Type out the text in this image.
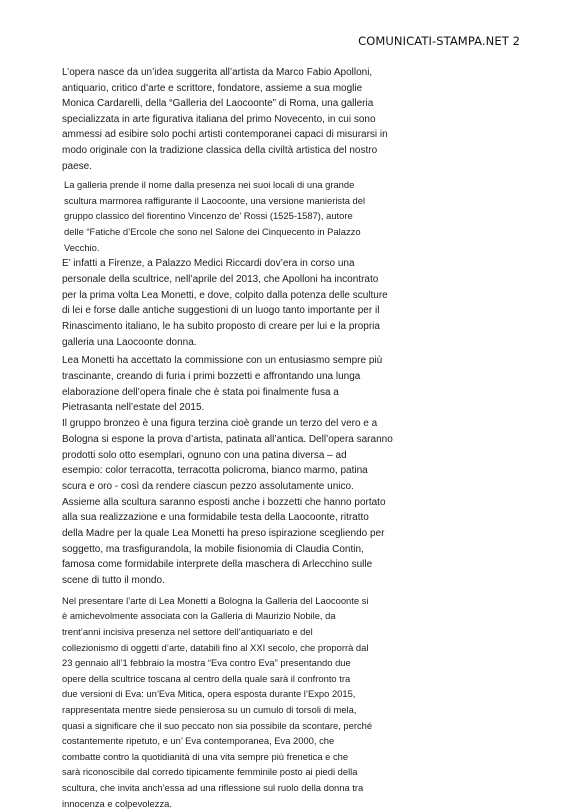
COMUNICATI-STAMPA.NET 2

L’opera nasce da un’idea suggerita all’artista da Marco Fabio Apolloni,
antiquario, critico d’arte e scrittore, fondatore, assieme a sua moglie
Monica Cardarelli, della “Galleria del Laocoonte” di Roma, una galleria
specializzata in arte figurativa italiana del primo Novecento, in cui sono
ammessi ad esibire solo pochi artisti contemporanei capaci di misurarsi in
modo originale con la tradizione classica della civiltà artistica del nostro
paese.

La galleria prende il nome dalla presenza nei suoi locali di una grande
scultura marmorea raffigurante il Laocoonte, una versione manierista del
gruppo classico del fiorentino Vincenzo de’ Rossi (1525-1587), autore
delle “Fatiche d’Ercole che sono nel Salone dei Cinquecento in Palazzo
Vecchio.

E’ infatti a Firenze, a Palazzo Medici Riccardi dov’era in corso una
personale della scultrice, nell’aprile del 2013, che Apolloni ha incontrato
per la prima volta Lea Monetti, e dove, colpito dalla potenza delle sculture
di lei e forse dalle antiche suggestioni di un luogo tanto importante per il
Rinascimento italiano, le ha subito proposto di creare per lui e la propria
galleria una Laocoonte donna.

Lea Monetti ha accettato la commissione con un entusiasmo sempre più
trascinante, creando di furia i primi bozzetti e affrontando una lunga
elaborazione dell’opera finale che è stata poi finalmente fusa a
Pietrasanta nell’estate del 2015.

Il gruppo bronzeo è una figura terzina cioè grande un terzo del vero e a
Bologna si espone la prova d’artista, patinata all’antica. Dell’opera saranno
prodotti solo otto esemplari, ognuno con una patina diversa – ad
esempio: color terracotta, terracotta policroma, bianco marmo, patina
scura e oro - così da rendere ciascun pezzo assolutamente unico.

Assieme alla scultura saranno esposti anche i bozzetti che hanno portato
alla sua realizzazione e una formidabile testa della Laocoonte, ritratto
della Madre per la quale Lea Monetti ha preso ispirazione scegliendo per
soggetto, ma trasfigurandola, la mobile fisionomia di Claudia Contin,
famosa come formidabile interprete della maschera di Arlecchino sulle
scene di tutto il mondo.

Nel presentare l’arte di Lea Monetti a Bologna la Galleria del Laocoonte si
è amichevolmente associata con la Galleria di Maurizio Nobile, da
trent’anni incisiva presenza nel settore dell’antiquariato e del
collezionismo di oggetti d’arte, databili fino al XXI secolo, che proporrà dal
23 gennaio all’1 febbraio la mostra “Eva contro Eva” presentando due
opere della scultrice toscana al centro della quale sarà il confronto tra
due versioni di Eva: un’Eva Mitica, opera esposta durante l’Expo 2015,
rappresentata mentre siede pensierosa su un cumulo di torsoli di mela,
quasi a significare che il suo peccato non sia possibile da scontare, perché
costantemente ripetuto, e un’ Eva contemporanea, Eva 2000, che
combatte contro la quotidianità di una vita sempre più frenetica e che
sarà riconoscibile dal corredo tipicamente femminile posto ai piedi della
scultura, che invita anch’essa ad una riflessione sul ruolo della donna tra
innocenza e colpevolezza.
